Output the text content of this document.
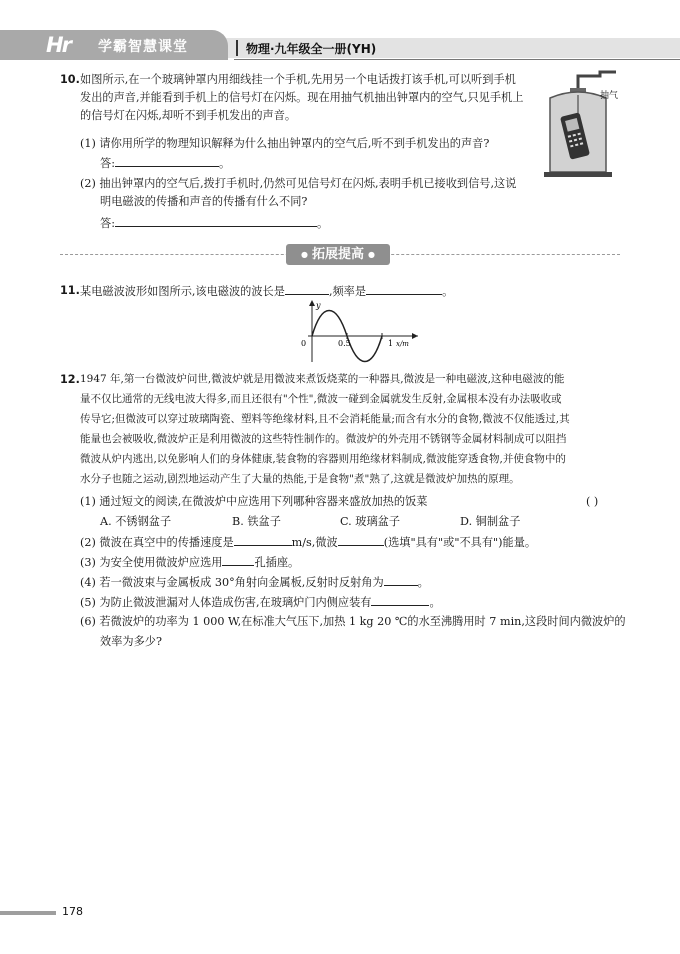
Hr 学霸智慧课堂	物理·九年级全一册(YH)
10. 如图所示,在一个玻璃钟罩内用细线挂一个手机,先用另一个电话拨打该手机,可以听到手机
发出的声音,并能看到手机上的信号灯在闪烁。现在用抽气机抽出钟罩内的空气,只见手机上
的信号灯在闪烁,却听不到手机发出的声音。
(1) 请你用所学的物理知识解释为什么抽出钟罩内的空气后,听不到手机发出的声音?
答:	。
(2) 抽出钟罩内的空气后,拨打手机时,仍然可见信号灯在闪烁,表明手机已接收到信号,这说
明电磁波的传播和声音的传播有什么不同?
答:	。
抽气
● 拓展提高 ●
11. 某电磁波波形如图所示,该电磁波的波长是	,频率是	。
y
x/m
0	0.5	1
12. 1947 年,第一台微波炉问世,微波炉就是用微波来煮饭烧菜的一种器具,微波是一种电磁波,这种电磁波的能
量不仅比通常的无线电波大得多,而且还很有"个性",微波一碰到金属就发生反射,金属根本没有办法吸收或
传导它;但微波可以穿过玻璃陶瓷、塑料等绝缘材料,且不会消耗能量;而含有水分的食物,微波不仅能透过,其
能量也会被吸收,微波炉正是利用微波的这些特性制作的。微波炉的外壳用不锈钢等金属材料制成可以阻挡
微波从炉内逃出,以免影响人们的身体健康,装食物的容器则用绝缘材料制成,微波能穿透食物,并使食物中的
水分子也随之运动,剧烈地运动产生了大量的热能,于是食物"煮"熟了,这就是微波炉加热的原理。
(1) 通过短文的阅读,在微波炉中应选用下列哪种容器来盛放加热的饭菜	( )
A. 不锈钢盆子	B. 铁盆子	C. 玻璃盆子	D. 铜制盆子
(2) 微波在真空中的传播速度是	m/s,微波	(选填"具有"或"不具有")能量。
(3) 为安全使用微波炉应选用	孔插座。
(4) 若一微波束与金属板成 30°角射向金属板,反射时反射角为	。
(5) 为防止微波泄漏对人体造成伤害,在玻璃炉门内侧应装有	。
(6) 若微波炉的功率为 1 000 W,在标准大气压下,加热 1 kg 20 ℃的水至沸腾用时 7 min,这段时间内微波炉的
效率为多少?
178
